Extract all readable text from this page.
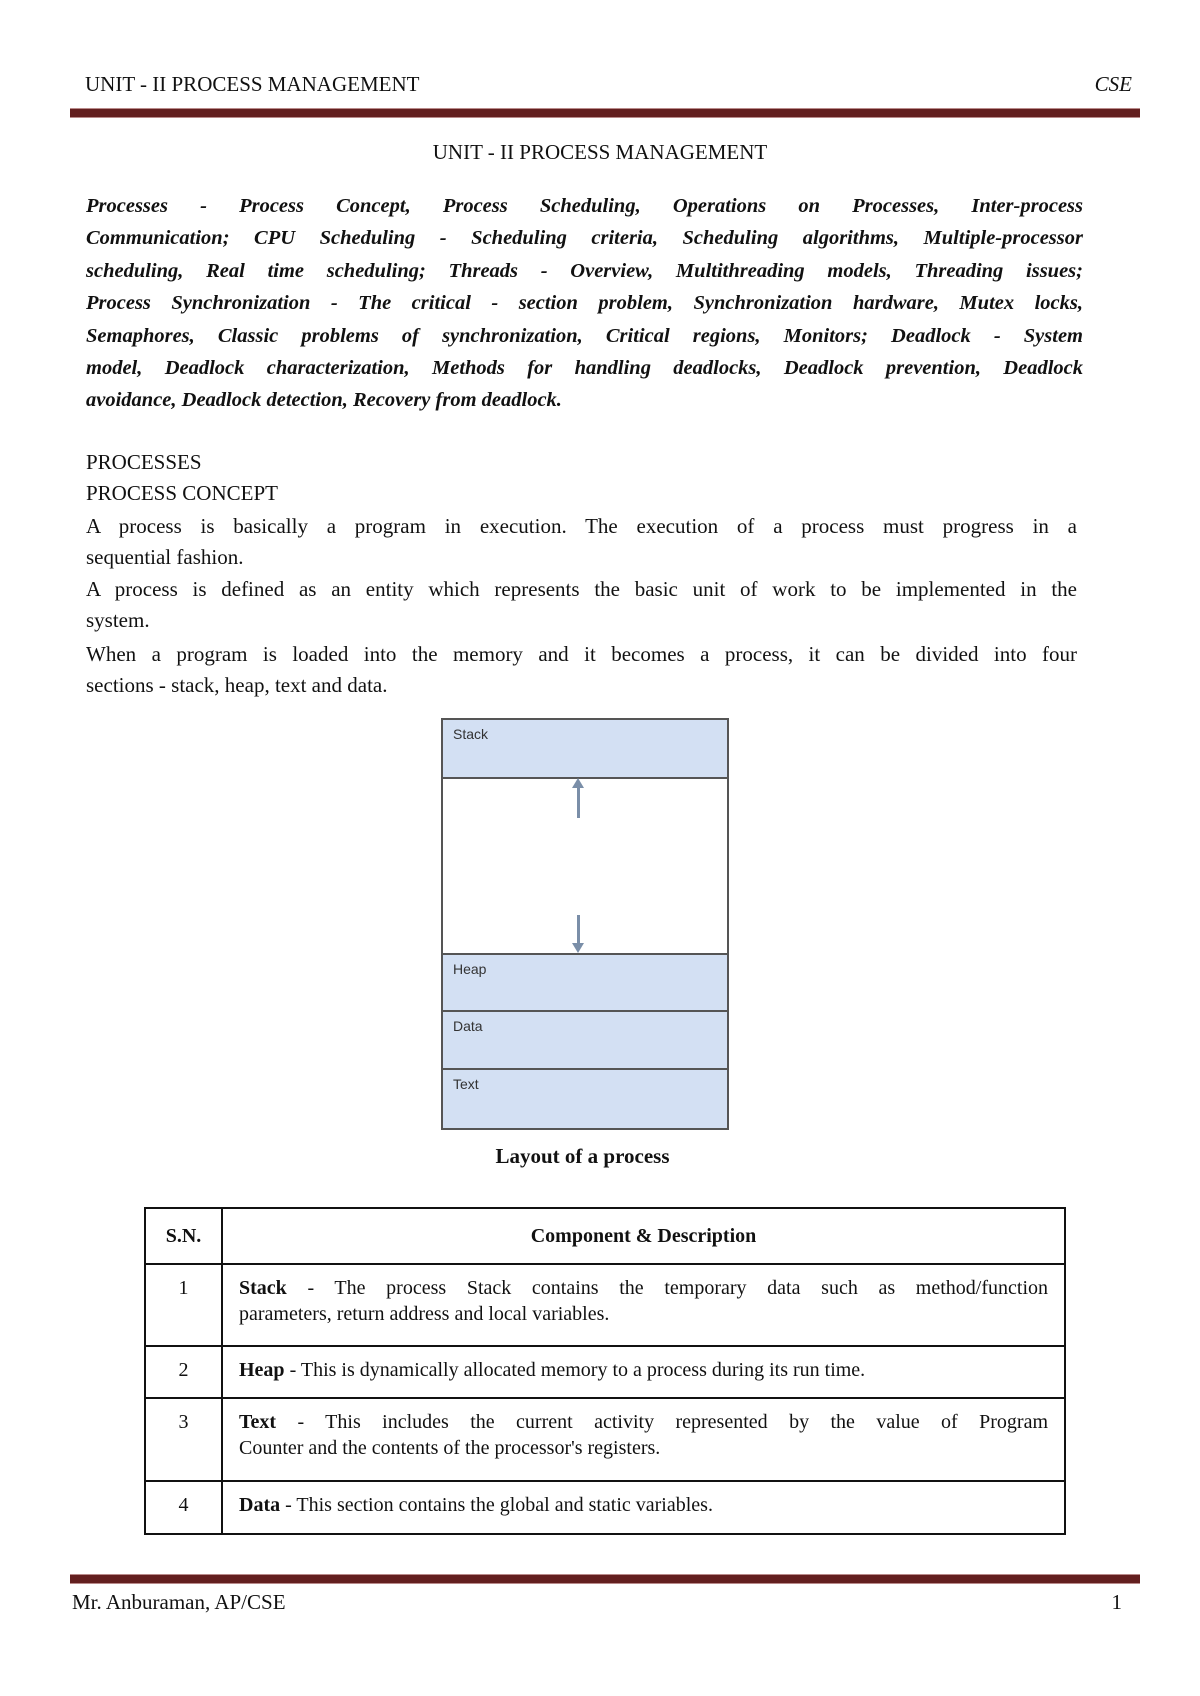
UNIT - II PROCESS MANAGEMENT	CSE
UNIT - II PROCESS MANAGEMENT
Processes - Process Concept, Process Scheduling, Operations on Processes, Inter-process
Communication; CPU Scheduling - Scheduling criteria, Scheduling algorithms, Multiple-processor
scheduling, Real time scheduling; Threads - Overview, Multithreading models, Threading issues;
Process Synchronization - The critical - section problem, Synchronization hardware, Mutex locks,
Semaphores, Classic problems of synchronization, Critical regions, Monitors; Deadlock - System
model, Deadlock characterization, Methods for handling deadlocks, Deadlock prevention, Deadlock
avoidance, Deadlock detection, Recovery from deadlock.
PROCESSES
PROCESS CONCEPT
A process is basically a program in execution. The execution of a process must progress in a
sequential fashion.
A process is defined as an entity which represents the basic unit of work to be implemented in the
system.
When a program is loaded into the memory and it becomes a process, it can be divided into four
sections - stack, heap, text and data.
Stack
Heap
Data
Text
Layout of a process
S.N.	Component & Description
1	Stack - The process Stack contains the temporary data such as method/function
parameters, return address and local variables.

2	Heap - This is dynamically allocated memory to a process during its run time.

3	Text - This includes the current activity represented by the value of Program
Counter and the contents of the processor's registers.

4	Data - This section contains the global and static variables.
Mr. Anburaman, AP/CSE	1
